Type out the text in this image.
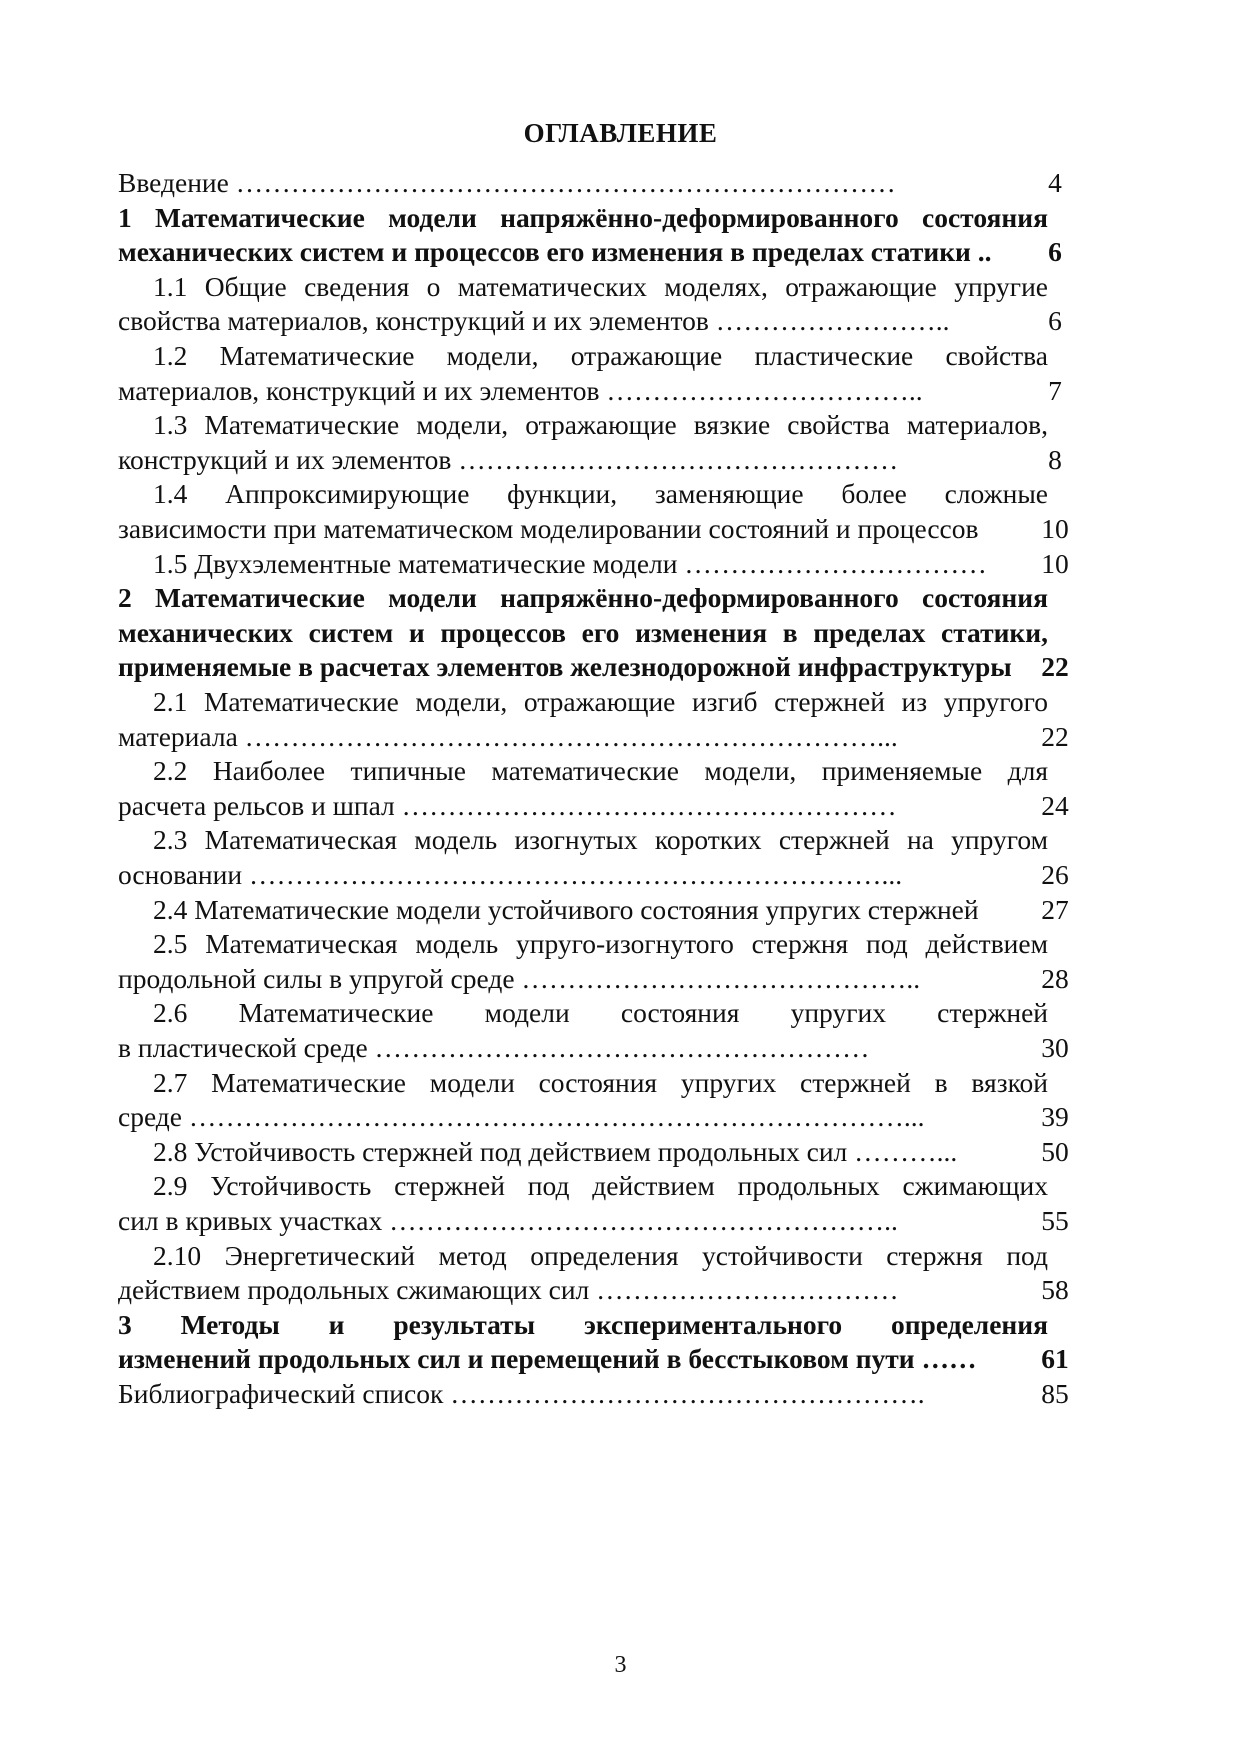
ОГЛАВЛЕНИЕ
Введение ………………………………………………………………	4
1 Математические модели напряжённо-деформированного состояния
механических систем и процессов его изменения в пределах статики ..	6
1.1 Общие сведения о математических моделях, отражающие упругие
свойства материалов, конструкций и их элементов ……………………..	6
1.2 Математические модели, отражающие пластические свойства
материалов, конструкций и их элементов ……………………………..	7
1.3 Математические модели, отражающие вязкие свойства материалов,
конструкций и их элементов …………………………………………	8
1.4 Аппроксимирующие функции, заменяющие более сложные
зависимости при математическом моделировании состояний и процессов	10
1.5 Двухэлементные математические модели ……………………………	10
2 Математические модели напряжённо-деформированного состояния
механических систем и процессов его изменения в пределах статики,
применяемые в расчетах элементов железнодорожной инфраструктуры	22
2.1 Математические модели, отражающие изгиб стержней из упругого
материала ……………………………………………………………...	22
2.2 Наиболее типичные математические модели, применяемые для
расчета рельсов и шпал ………………………………………………	24
2.3 Математическая модель изогнутых коротких стержней на упругом
основании ……………………………………………………………...	26
2.4 Математические модели устойчивого состояния упругих стержней	27
2.5 Математическая модель упруго-изогнутого стержня под действием
продольной силы в упругой среде ……………………………………..	28
2.6 Математические модели состояния упругих стержней
в пластической среде ………………………………………………	30
2.7 Математические модели состояния упругих стержней в вязкой
среде ……………………………………………………………………...	39
2.8 Устойчивость стержней под действием продольных сил ………...	50
2.9 Устойчивость стержней под действием продольных сжимающих
сил в кривых участках ………………………………………………..	55
2.10 Энергетический метод определения устойчивости стержня под
действием продольных сжимающих сил ……………………………	58
3 Методы и результаты экспериментального определения
изменений продольных сил и перемещений в бесстыковом пути ……	61
Библиографический список …………………………………………….	85
3
